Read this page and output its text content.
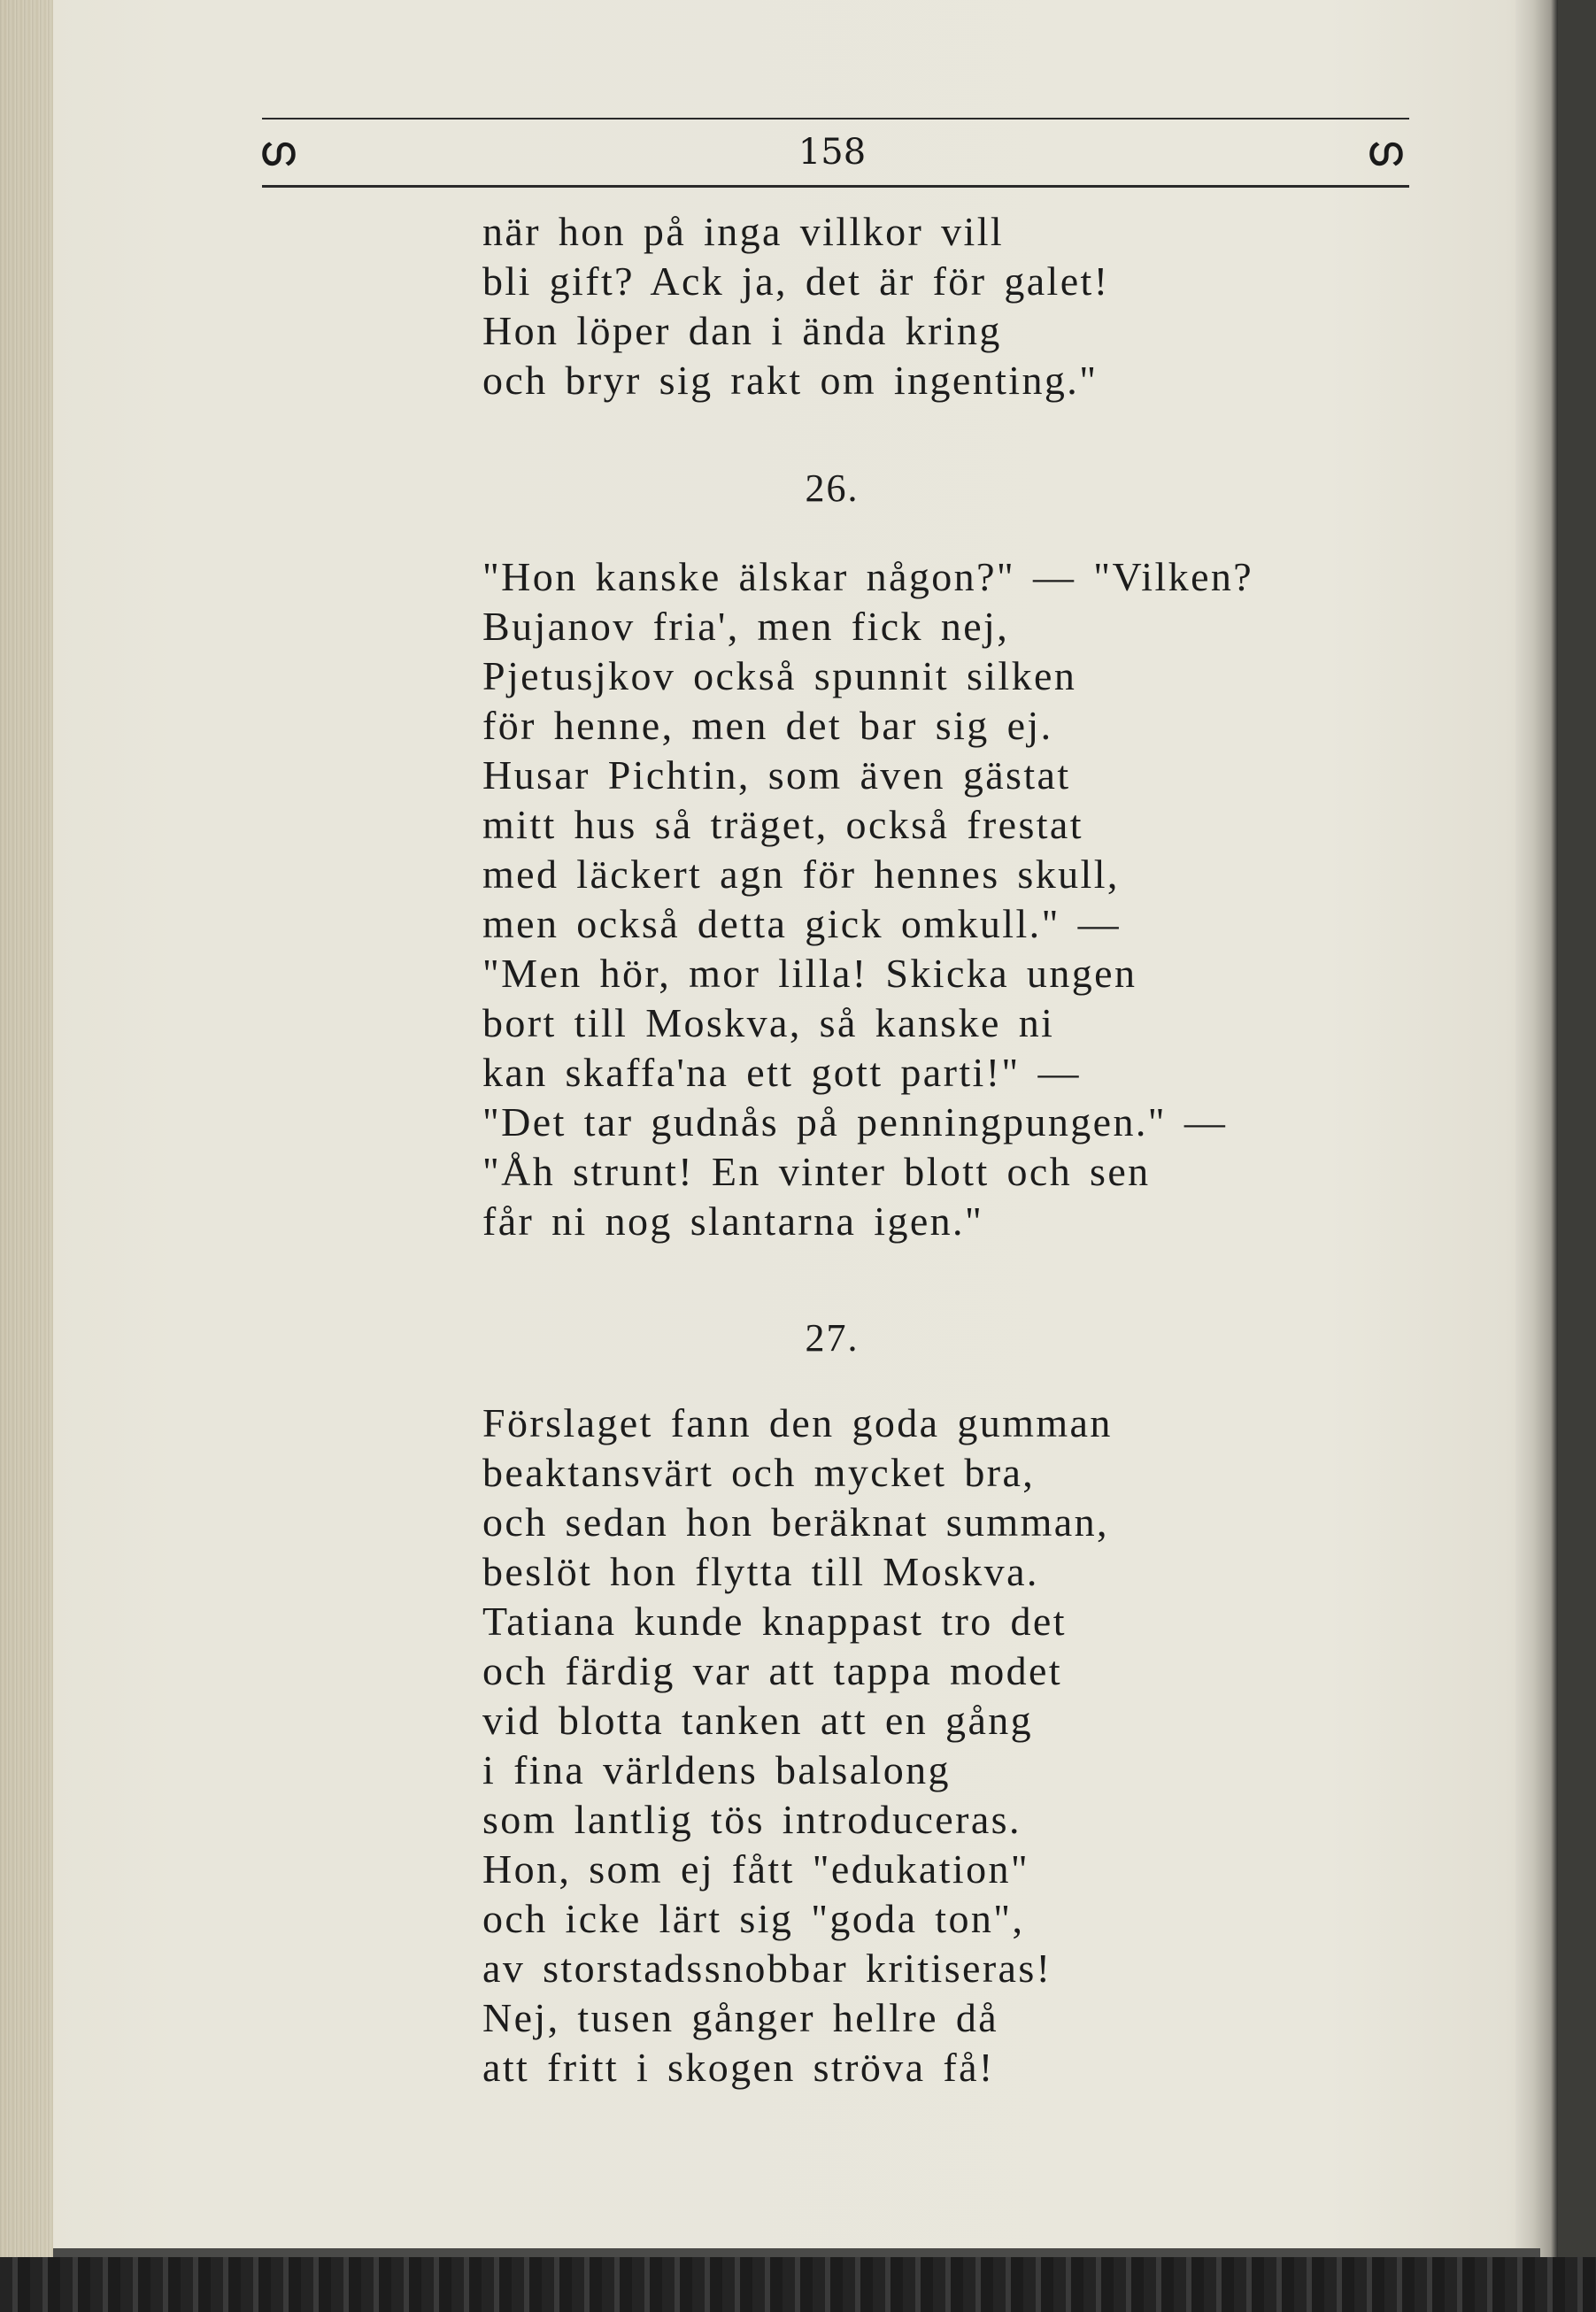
ഗ	158	ഗ
när hon på inga villkor vill
bli gift? Ack ja, det är för galet!
Hon löper dan i ända kring
och bryr sig rakt om ingenting."
26.
"Hon kanske älskar någon?" — "Vilken?
Bujanov fria', men fick nej,
Pjetusjkov också spunnit silken
för henne, men det bar sig ej.
Husar Pichtin, som även gästat
mitt hus så träget, också frestat
med läckert agn för hennes skull,
men också detta gick omkull." —
"Men hör, mor lilla! Skicka ungen
bort till Moskva, så kanske ni
kan skaffa'na ett gott parti!" —
"Det tar gudnås på penningpungen." —
"Åh strunt! En vinter blott och sen
får ni nog slantarna igen."
27.
Förslaget fann den goda gumman
beaktansvärt och mycket bra,
och sedan hon beräknat summan,
beslöt hon flytta till Moskva.
Tatiana kunde knappast tro det
och färdig var att tappa modet
vid blotta tanken att en gång
i fina världens balsalong
som lantlig tös introduceras.
Hon, som ej fått "edukation"
och icke lärt sig "goda ton",
av storstadssnobbar kritiseras!
Nej, tusen gånger hellre då
att fritt i skogen ströva få!
